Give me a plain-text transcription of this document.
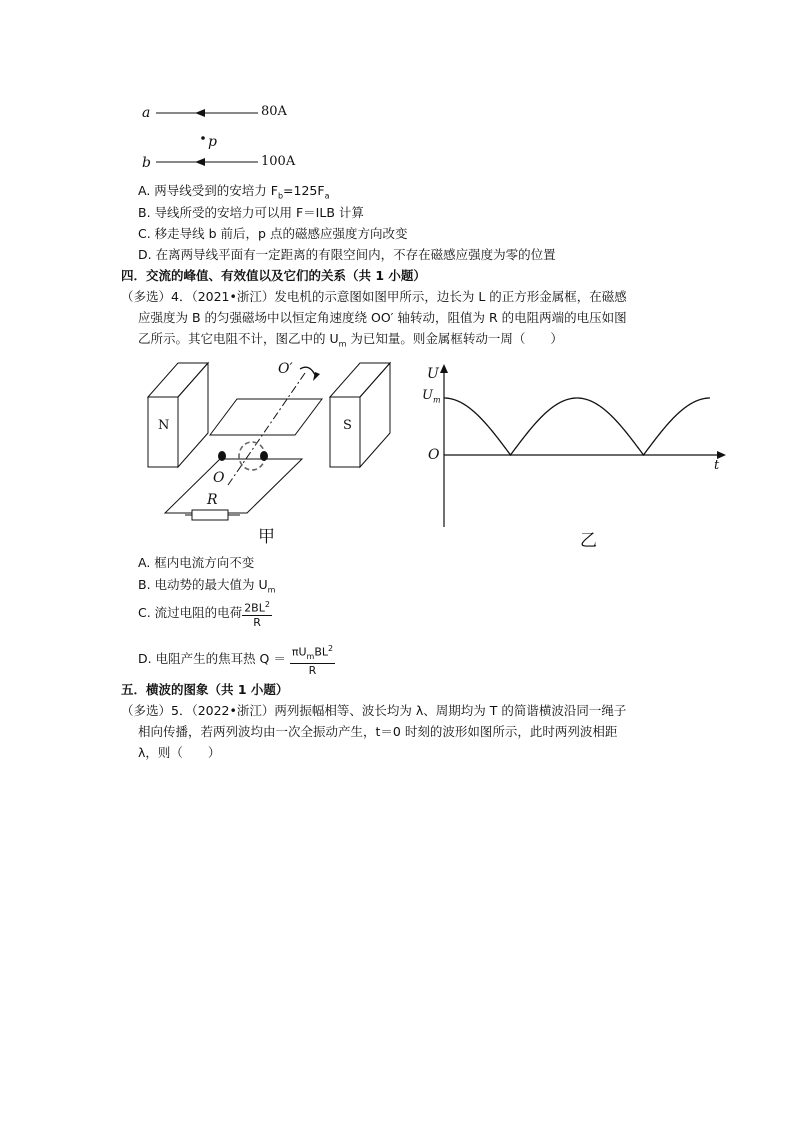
a	80A
p
b	100A
A. 两导线受到的安培力 $F_b=125F_a$
B. 导线所受的安培力可以用 F＝ILB 计算
C. 移走导线 b 前后，p 点的磁感应强度方向改变
D. 在离两导线平面有一定距离的有限空间内，不存在磁感应强度为零的位置
四．交流的峰值、有效值以及它们的关系（共 1 小题）
（多选）4．（2021•浙江）发电机的示意图如图甲所示，边长为 L 的正方形金属框，在磁感
应强度为 B 的匀强磁场中以恒定角速度绕 OO′ 轴转动，阻值为 R 的电阻两端的电压如图
乙所示。其它电阻不计，图乙中的 $U_m$ 为已知量。则金属框转动一周（　　）
N	S
O′
O
R
甲
U
$U_m$
O
t
乙
A. 框内电流方向不变
B. 电动势的最大值为 $U_m$
C. 流过电阻的电荷 $\frac{2BL^2}{R}$
D. 电阻产生的焦耳热 $Q = \frac{\pi U_mBL^2}{R}$
五．横波的图象（共 1 小题）
（多选）5．（2022•浙江）两列振幅相等、波长均为 λ、周期均为 T 的简谐横波沿同一绳子
相向传播，若两列波均由一次全振动产生，t＝0 时刻的波形如图所示，此时两列波相距
λ，则（　　）
